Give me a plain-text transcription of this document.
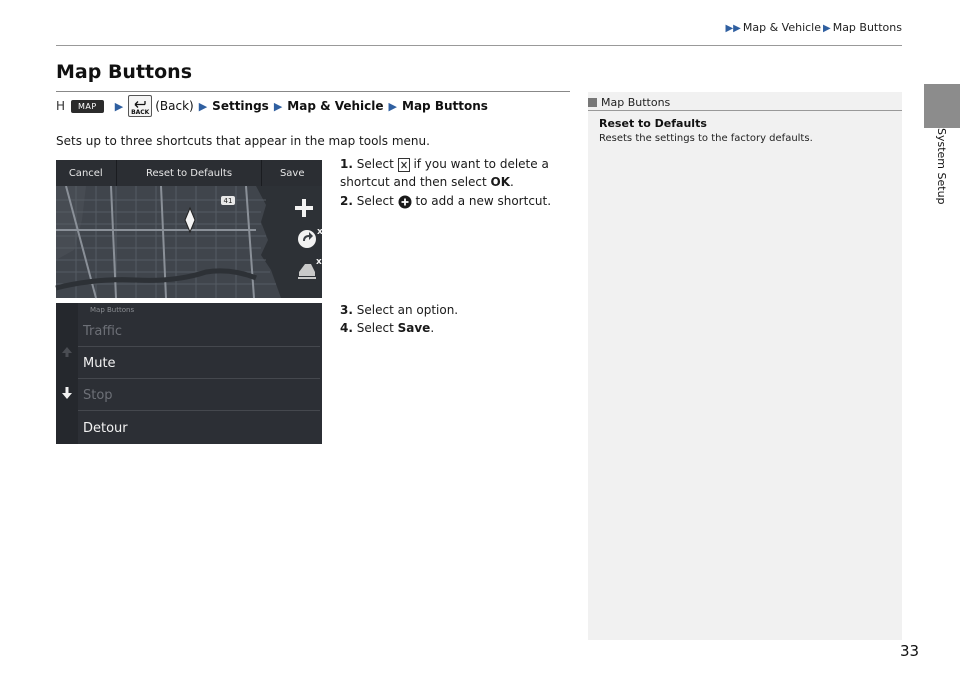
▶▶ Map & Vehicle ▶ Map Buttons
Map Buttons
System Setup
H	MAP	▶ BACK (Back) ▶ Settings ▶ Map & Vehicle ▶ Map Buttons
Sets up to three shortcuts that appear in the map tools menu.
1. Select if you want to delete a shortcut and then select OK.
2. Select to add a new shortcut.
3. Select an option.
4. Select Save.
41
Cancel	Reset to Defaults	Save
x
x
Map Buttons
Traffic
Mute
Stop
Detour
Map Buttons
Reset to Defaults
Resets the settings to the factory defaults.
33
